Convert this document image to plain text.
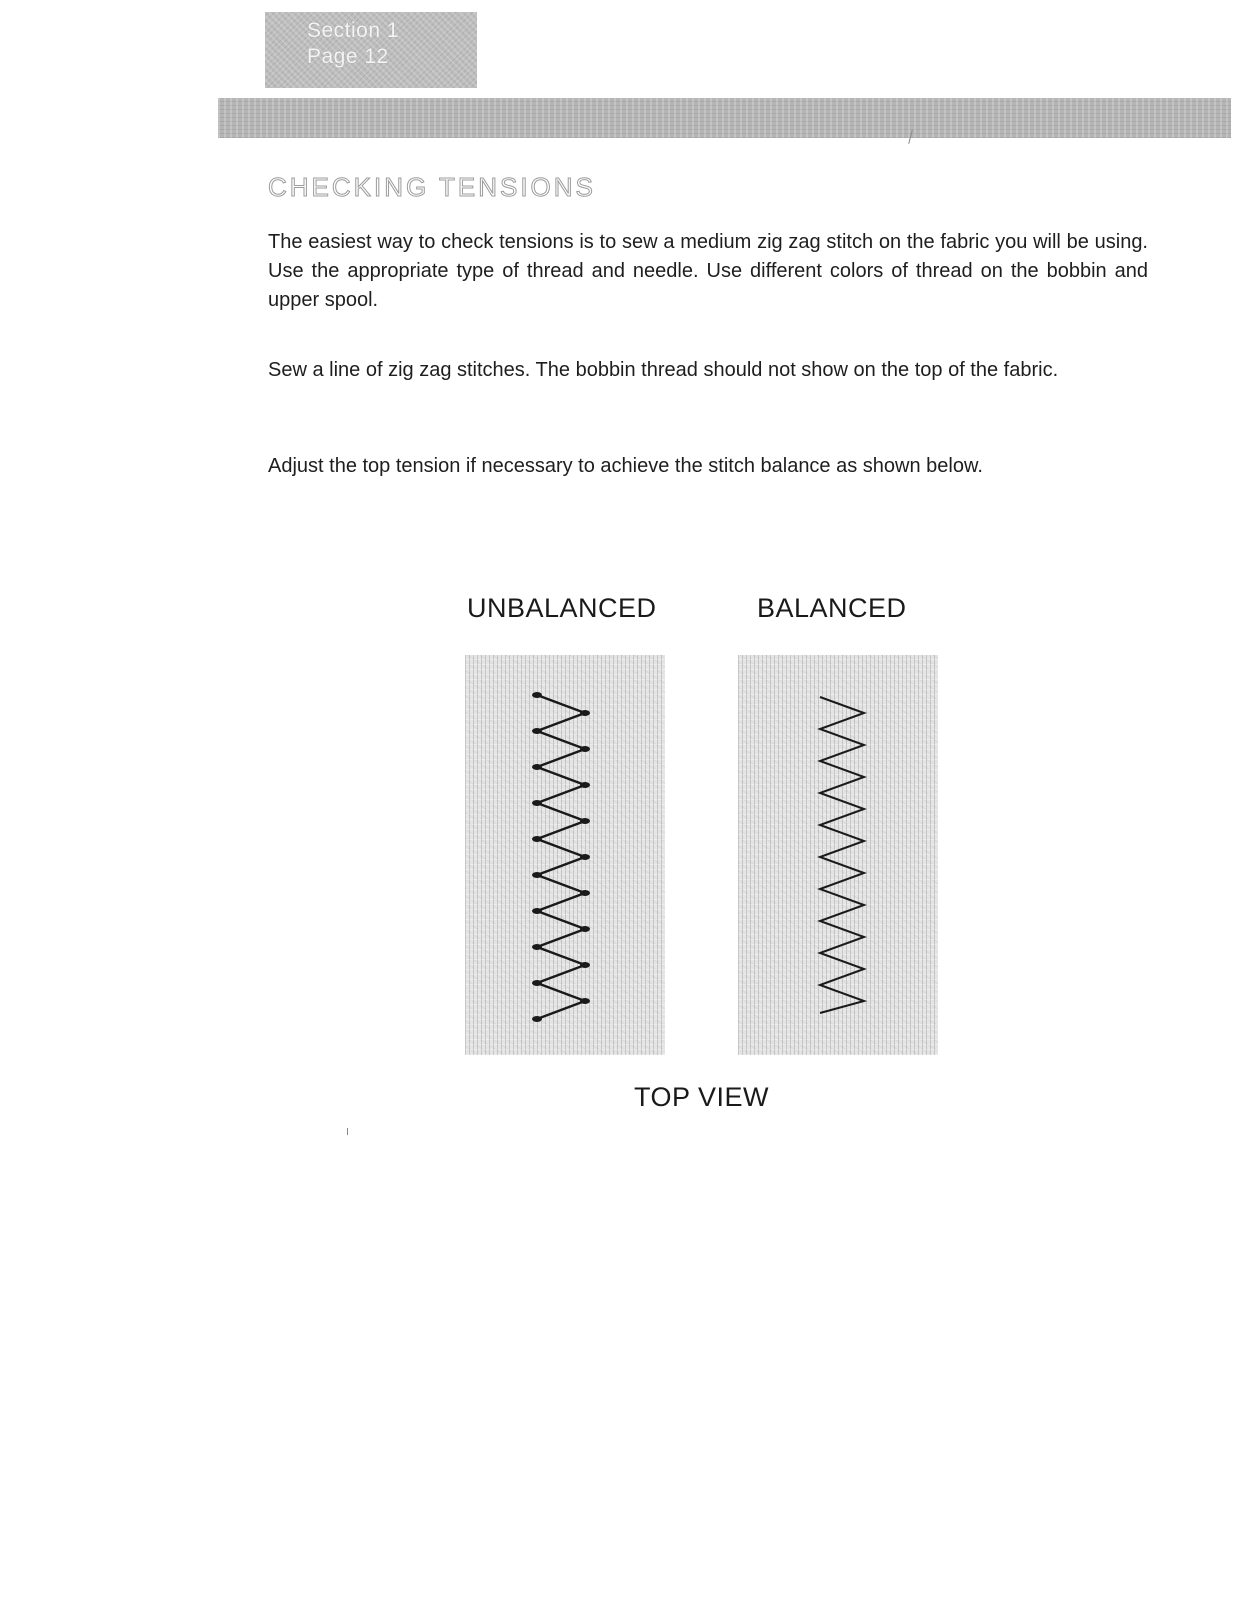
Section 1
Page 12
CHECKING TENSIONS

The easiest way to check tensions is to sew a medium zig zag stitch on the fabric you will be using. Use the appropriate type of thread and needle. Use different colors of thread on the bobbin and upper spool.

Sew a line of zig zag stitches. The bobbin thread should not show on the top of the fabric.

Adjust the top tension if necessary to achieve the stitch balance as shown below.

UNBALANCED	BALANCED
TOP VIEW
